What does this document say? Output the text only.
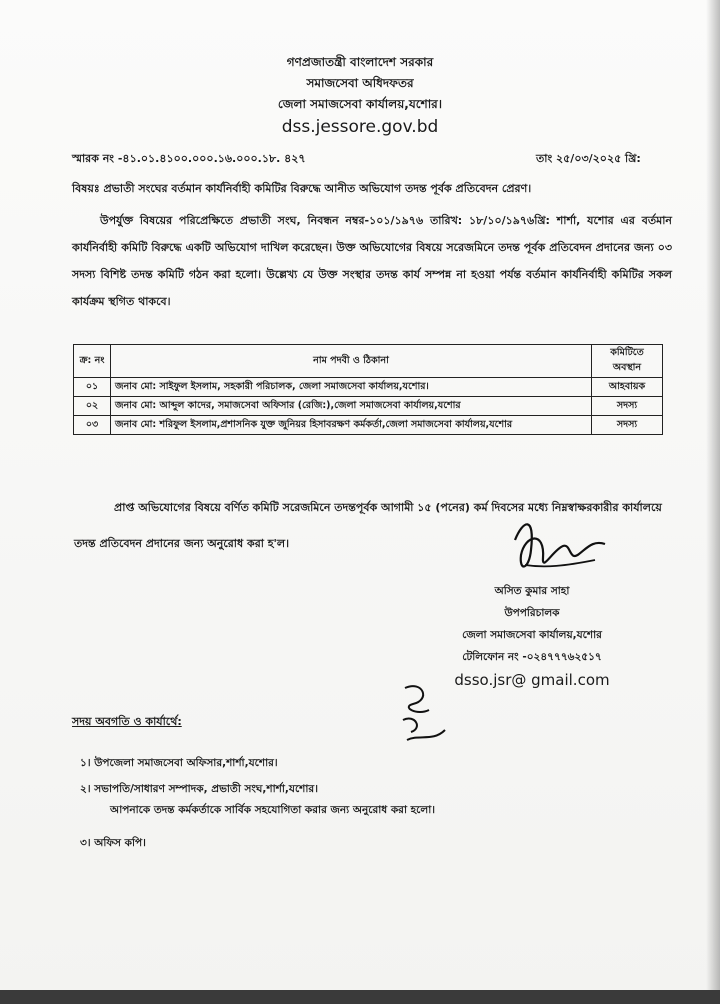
গণপ্রজাতন্ত্রী বাংলাদেশ সরকার
সমাজসেবা অধিদফতর
জেলা সমাজসেবা কার্যালয়,যশোর।
dss.jessore.gov.bd
স্মারক নং -৪১.০১.৪১০০.০০০.১৬.০০০.১৮. ৪২৭	তাং ২৫/০৩/২০২৫ খ্রি:
বিষয়ঃ প্রভাতী সংঘের বর্তমান কার্যনির্বাহী কমিটির বিরুদ্ধে আনীত অভিযোগ তদন্ত পূর্বক প্রতিবেদন প্রেরণ।
উপর্যুক্ত বিষয়ের পরিপ্রেক্ষিতে প্রভাতী সংঘ, নিবন্ধন নম্বর-১০১/১৯৭৬ তারিখ: ১৮/১০/১৯৭৬খ্রি: শার্শা, যশোর এর বর্তমান কার্যনির্বাহী কমিটি বিরুদ্ধে একটি অভিযোগ দাখিল করেছেন। উক্ত অভিযোগের বিষয়ে সরেজমিনে তদন্ত পূর্বক প্রতিবেদন প্রদানের জন্য ০৩ সদস্য বিশিষ্ট তদন্ত কমিটি গঠন করা হলো। উল্লেখ্য যে উক্ত সংস্থার তদন্ত কার্য সম্পন্ন না হওয়া পর্যন্ত বর্তমান কার্যনির্বাহী কমিটির সকল কার্যক্রম স্থগিত থাকবে।
ক্র: নং	নাম পদবী ও ঠিকানা	কমিটিতে অবস্থান
০১	জনাব মো: সাইফুল ইসলাম, সহকারী পরিচালক, জেলা সমাজসেবা কার্যালয়,যশোর।	আহবায়ক
০২	জনাব মো: আব্দুল কাদের, সমাজসেবা অফিসার (রেজি:),জেলা সমাজসেবা কার্যালয়,যশোর	সদস্য
০৩	জনাব মো: শরিফুল ইসলাম,প্রশাসনিক যুক্ত জুনিয়র হিসাবরক্ষণ কর্মকর্তা,জেলা সমাজসেবা কার্যালয়,যশোর	সদস্য
প্রাপ্ত অভিযোগের বিষয়ে বর্ণিত কমিটি সরেজমিনে তদন্তপূর্বক আগামী ১৫ (পনের) কর্ম দিবসের মধ্যে নিম্নস্বাক্ষরকারীর কার্যালয়ে তদন্ত প্রতিবেদন প্রদানের জন্য অনুরোধ করা হ'ল।
অসিত কুমার সাহা
উপপরিচালক
জেলা সমাজসেবা কার্যালয়,যশোর
টেলিফোন নং -০২৪৭৭৭৬২৫১৭
dsso.jsr@ gmail.com
সদয় অবগতি ও কার্যার্থে:
১। উপজেলা সমাজসেবা অফিসার,শার্শা,যশোর।
২। সভাপতি/সাধারণ সম্পাদক, প্রভাতী সংঘ,শার্শা,যশোর।
আপনাকে তদন্ত কর্মকর্তাকে সার্বিক সহযোগিতা করার জন্য অনুরোধ করা হলো।
৩। অফিস কপি।
